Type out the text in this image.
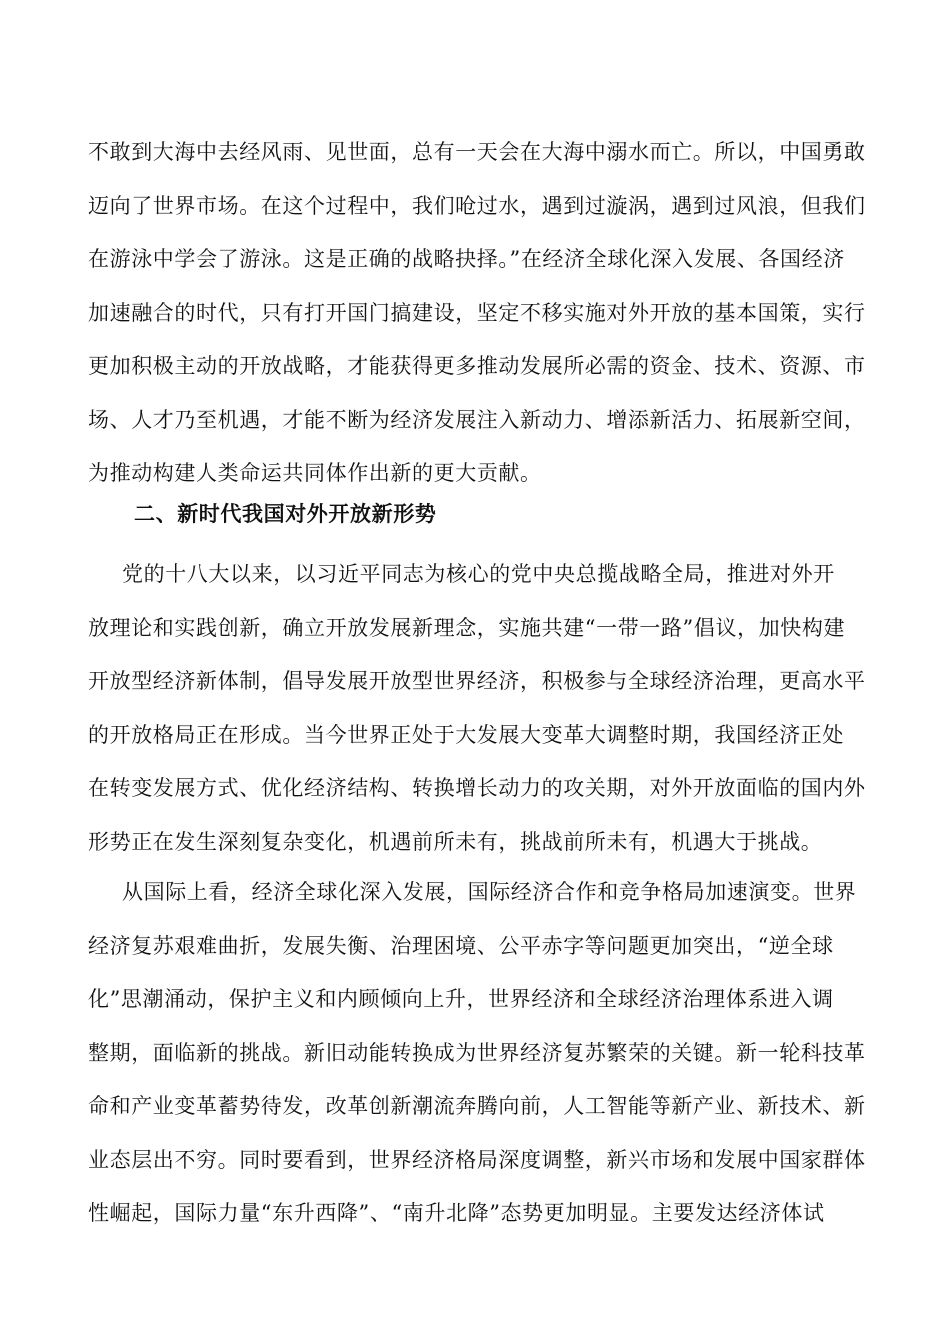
不敢到大海中去经风雨、见世面，总有一天会在大海中溺水而亡。所以，中国勇敢
迈向了世界市场。在这个过程中，我们呛过水，遇到过漩涡，遇到过风浪，但我们
在游泳中学会了游泳。这是正确的战略抉择。”在经济全球化深入发展、各国经济
加速融合的时代，只有打开国门搞建设，坚定不移实施对外开放的基本国策，实行
更加积极主动的开放战略，才能获得更多推动发展所必需的资金、技术、资源、市
场、人才乃至机遇，才能不断为经济发展注入新动力、增添新活力、拓展新空间，
为推动构建人类命运共同体作出新的更大贡献。
二、新时代我国对外开放新形势
党的十八大以来，以习近平同志为核心的党中央总揽战略全局，推进对外开
放理论和实践创新，确立开放发展新理念，实施共建“一带一路”倡议，加快构建
开放型经济新体制，倡导发展开放型世界经济，积极参与全球经济治理，更高水平
的开放格局正在形成。当今世界正处于大发展大变革大调整时期，我国经济正处
在转变发展方式、优化经济结构、转换增长动力的攻关期，对外开放面临的国内外
形势正在发生深刻复杂变化，机遇前所未有，挑战前所未有，机遇大于挑战。
从国际上看，经济全球化深入发展，国际经济合作和竞争格局加速演变。世界
经济复苏艰难曲折，发展失衡、治理困境、公平赤字等问题更加突出，“逆全球
化”思潮涌动，保护主义和内顾倾向上升，世界经济和全球经济治理体系进入调
整期，面临新的挑战。新旧动能转换成为世界经济复苏繁荣的关键。新一轮科技革
命和产业变革蓄势待发，改革创新潮流奔腾向前，人工智能等新产业、新技术、新
业态层出不穷。同时要看到，世界经济格局深度调整，新兴市场和发展中国家群体
性崛起，国际力量“东升西降”、“南升北降”态势更加明显。主要发达经济体试
